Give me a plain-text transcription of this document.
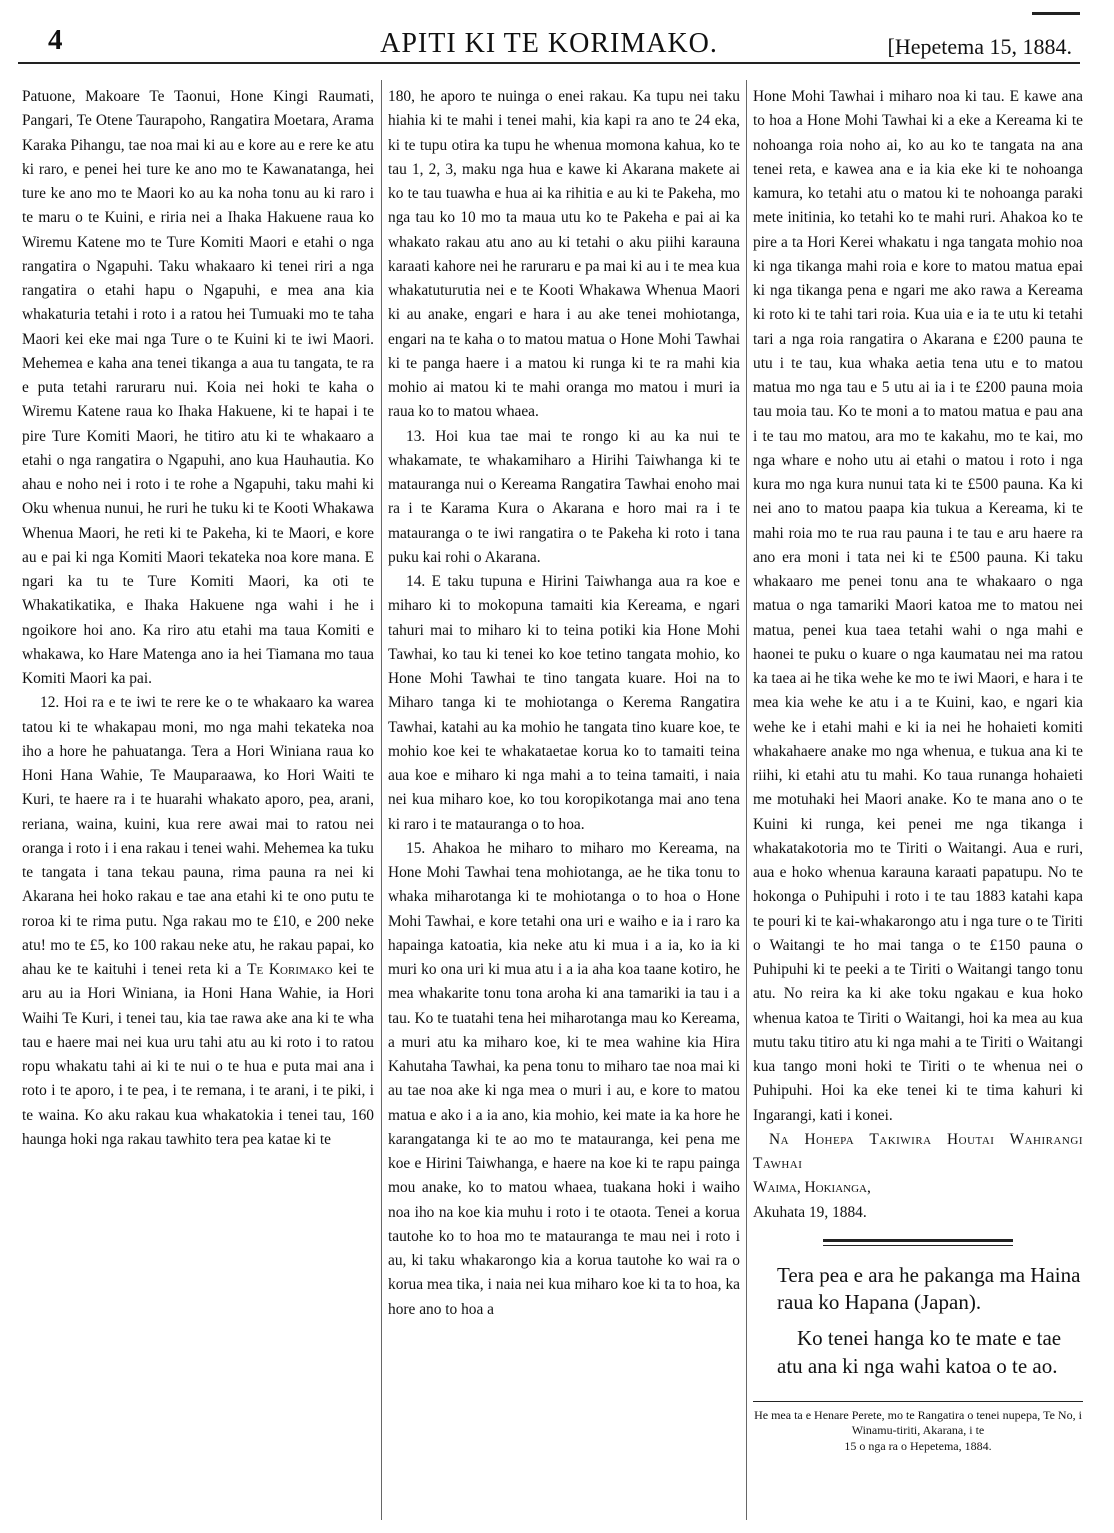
4	APITI KI TE KORIMAKO.	[Hepetema 15, 1884.

Patuone, Makoare Te Taonui, Hone Kingi Raumati, Pangari, Te Otene Taurapoho, Rangatira Moetara, Arama Karaka Pihangu, tae noa mai ki au e kore au e rere ke atu ki raro, e penei hei ture ke ano mo te Kawanatanga, hei ture ke ano mo te Maori ko au ka noha tonu au ki raro i te maru o te Kuini, e riria nei a Ihaka Hakuene raua ko Wiremu Katene mo te Ture Komiti Maori e etahi o nga rangatira o Ngapuhi. Taku whakaaro ki tenei riri a nga rangatira o etahi hapu o Ngapuhi, e mea ana kia whakaturia tetahi i roto i a ratou hei Tumuaki mo te taha Maori kei eke mai nga Ture o te Kuini ki te iwi Maori. Mehemea e kaha ana tenei tikanga a aua tu tangata, te ra e puta tetahi raruraru nui. Koia nei hoki te kaha o Wiremu Katene raua ko Ihaka Hakuene, ki te hapai i te pire Ture Komiti Maori, he titiro atu ki te whakaaro a etahi o nga rangatira o Ngapuhi, ano kua Hauhautia. Ko ahau e noho nei i roto i te rohe a Ngapuhi, taku mahi ki Oku whenua nunui, he ruri he tuku ki te Kooti Whakawa Whenua Maori, he reti ki te Pakeha, ki te Maori, e kore au e pai ki nga Komiti Maori tekateka noa kore mana. E ngari ka tu te Ture Komiti Maori, ka oti te Whakatikatika, e Ihaka Hakuene nga wahi i he i ngoikore hoi ano. Ka riro atu etahi ma taua Komiti e whakawa, ko Hare Matenga ano ia hei Tiamana mo taua Komiti Maori ka pai.

12. Hoi ra e te iwi te rere ke o te whakaaro ka warea tatou ki te whakapau moni, mo nga mahi tekateka noa iho a hore he pahuatanga. Tera a Hori Winiana raua ko Honi Hana Wahie, Te Mauparaawa, ko Hori Waiti te Kuri, te haere ra i te huarahi whakato aporo, pea, arani, reriana, waina, kuini, kua rere awai mai to ratou nei oranga i roto i i ena rakau i tenei wahi. Mehemea ka tuku te tangata i tana tekau pauna, rima pauna ra nei ki Akarana hei hoko rakau e tae ana etahi ki te ono putu te roroa ki te rima putu. Nga rakau mo te £10, e 200 neke atu! mo te £5, ko 100 rakau neke atu, he rakau papai, ko ahau ke te kaituhi i tenei reta ki a Te Korimako kei te aru au ia Hori Winiana, ia Honi Hana Wahie, ia Hori Waihi Te Kuri, i tenei tau, kia tae rawa ake ana ki te wha tau e haere mai nei kua uru tahi atu au ki roto i to ratou ropu whakatu tahi ai ki te nui o te hua e puta mai ana i roto i te aporo, i te pea, i te remana, i te arani, i te piki, i te waina. Ko aku rakau kua whakatokia i tenei tau, 160 haunga hoki nga rakau tawhito tera pea katae ki te

180, he aporo te nuinga o enei rakau. Ka tupu nei taku hiahia ki te mahi i tenei mahi, kia kapi ra ano te 24 eka, ki te tupu otira ka tupu he whenua momona kahua, ko te tau 1, 2, 3, maku nga hua e kawe ki Akarana makete ai ko te tau tuawha e hua ai ka rihitia e au ki te Pakeha, mo nga tau ko 10 mo ta maua utu ko te Pakeha e pai ai ka whakato rakau atu ano au ki tetahi o aku piihi karauna karaati kahore nei he raruraru e pa mai ki au i te mea kua whakatuturutia nei e te Kooti Whakawa Whenua Maori ki au anake, engari e hara i au ake tenei mohiotanga, engari na te kaha o to matou matua o Hone Mohi Tawhai ki te panga haere i a matou ki runga ki te ra mahi kia mohio ai matou ki te mahi oranga mo matou i muri ia raua ko to matou whaea.

13. Hoi kua tae mai te rongo ki au ka nui te whakamate, te whakamiharo a Hirihi Taiwhanga ki te matauranga nui o Kereama Rangatira Tawhai enoho mai ra i te Karama Kura o Akarana e horo mai ra i te matauranga o te iwi rangatira o te Pakeha ki roto i tana puku kai rohi o Akarana.

14. E taku tupuna e Hirini Taiwhanga aua ra koe e miharo ki to mokopuna tamaiti kia Kereama, e ngari tahuri mai to miharo ki to teina potiki kia Hone Mohi Tawhai, ko tau ki tenei ko koe tetino tangata mohio, ko Hone Mohi Tawhai te tino tangata kuare. Hoi na to Miharo tanga ki te mohiotanga o Kerema Rangatira Tawhai, katahi au ka mohio he tangata tino kuare koe, te mohio koe kei te whakataetae korua ko to tamaiti teina aua koe e miharo ki nga mahi a to teina tamaiti, i naia nei kua miharo koe, ko tou koropikotanga mai ano tena ki raro i te matauranga o to hoa.

15. Ahakoa he miharo to miharo mo Kereama, na Hone Mohi Tawhai tena mohiotanga, ae he tika tonu to whaka miharotanga ki te mohiotanga o to hoa o Hone Mohi Tawhai, e kore tetahi ona uri e waiho e ia i raro ka hapainga katoatia, kia neke atu ki mua i a ia, ko ia ki muri ko ona uri ki mua atu i a ia aha koa taane kotiro, he mea whakarite tonu tona aroha ki ana tamariki ia tau i a tau. Ko te tuatahi tena hei miharotanga mau ko Kereama, a muri atu ka miharo koe, ki te mea wahine kia Hira Kahutaha Tawhai, ka pena tonu to miharo tae noa mai ki au tae noa ake ki nga mea o muri i au, e kore to matou matua e ako i a ia ano, kia mohio, kei mate ia ka hore he karangatanga ki te ao mo te matauranga, kei pena me koe e Hirini Taiwhanga, e haere na koe ki te rapu painga mou anake, ko to matou whaea, tuakana hoki i waiho noa iho na koe kia muhu i roto i te otaota. Tenei a korua tautohe ko to hoa mo te matauranga te mau nei i roto i au, ki taku whakarongo kia a korua tautohe ko wai ra o korua mea tika, i naia nei kua miharo koe ki ta to hoa, ka hore ano to hoa a

Hone Mohi Tawhai i miharo noa ki tau. E kawe ana to hoa a Hone Mohi Tawhai ki a eke a Kereama ki te nohoanga roia noho ai, ko au ko te tangata na ana tenei reta, e kawea ana e ia kia eke ki te nohoanga kamura, ko tetahi atu o matou ki te nohoanga paraki mete initinia, ko tetahi ko te mahi ruri. Ahakoa ko te pire a ta Hori Kerei whakatu i nga tangata mohio noa ki nga tikanga mahi roia e kore to matou matua epai ki nga tikanga pena e ngari me ako rawa a Kereama ki roto ki te tahi tari roia. Kua uia e ia te utu ki tetahi tari a nga roia rangatira o Akarana e £200 pauna te utu i te tau, kua whaka aetia tena utu e to matou matua mo nga tau e 5 utu ai ia i te £200 pauna moia tau moia tau. Ko te moni a to matou matua e pau ana i te tau mo matou, ara mo te kakahu, mo te kai, mo nga whare e noho utu ai etahi o matou i roto i nga kura mo nga kura nunui tata ki te £500 pauna. Ka ki nei ano to matou paapa kia tukua a Kereama, ki te mahi roia mo te rua rau pauna i te tau e aru haere ra ano era moni i tata nei ki te £500 pauna. Ki taku whakaaro me penei tonu ana te whakaaro o nga matua o nga tamariki Maori katoa me to matou nei matua, penei kua taea tetahi wahi o nga mahi e haonei te puku o kuare o nga kaumatau nei ma ratou ka taea ai he tika wehe ke mo te iwi Maori, e hara i te mea kia wehe ke atu i a te Kuini, kao, e ngari kia wehe ke i etahi mahi e ki ia nei he hohaieti komiti whakahaere anake mo nga whenua, e tukua ana ki te riihi, ki etahi atu tu mahi. Ko taua runanga hohaieti me motuhaki hei Maori anake. Ko te mana ano o te Kuini ki runga, kei penei me nga tikanga i whakatakotoria mo te Tiriti o Waitangi. Aua e ruri, aua e hoko whenua karauna karaati papatupu. No te hokonga o Puhipuhi i roto i te tau 1883 katahi kapa te pouri ki te kai-whakarongo atu i nga ture o te Tiriti o Waitangi te ho mai tanga o te £150 pauna o Puhipuhi ki te peeki a te Tiriti o Waitangi tango tonu atu. No reira ka ki ake toku ngakau e kua hoko whenua katoa te Tiriti o Waitangi, hoi ka mea au kua mutu taku titiro atu ki nga mahi a te Tiriti o Waitangi kua tango moni hoki te Tiriti o te whenua nei o Puhipuhi. Hoi ka eke tenei ki te tima kahuri ki Ingarangi, kati i konei.

Na Hohepa Takiwira Houtai Wahirangi Tawhai

Waima, Hokianga,

Akuhata 19, 1884.

Tera pea e ara he pakanga ma Haina raua ko Hapana (Japan).

Ko tenei hanga ko te mate e tae atu ana ki nga wahi katoa o te ao.

He mea ta e Henare Perete, mo te Rangatira o tenei nupepa, Te No, i Winamu-tiriti, Akarana, i te
15 o nga ra o Hepetema, 1884.
